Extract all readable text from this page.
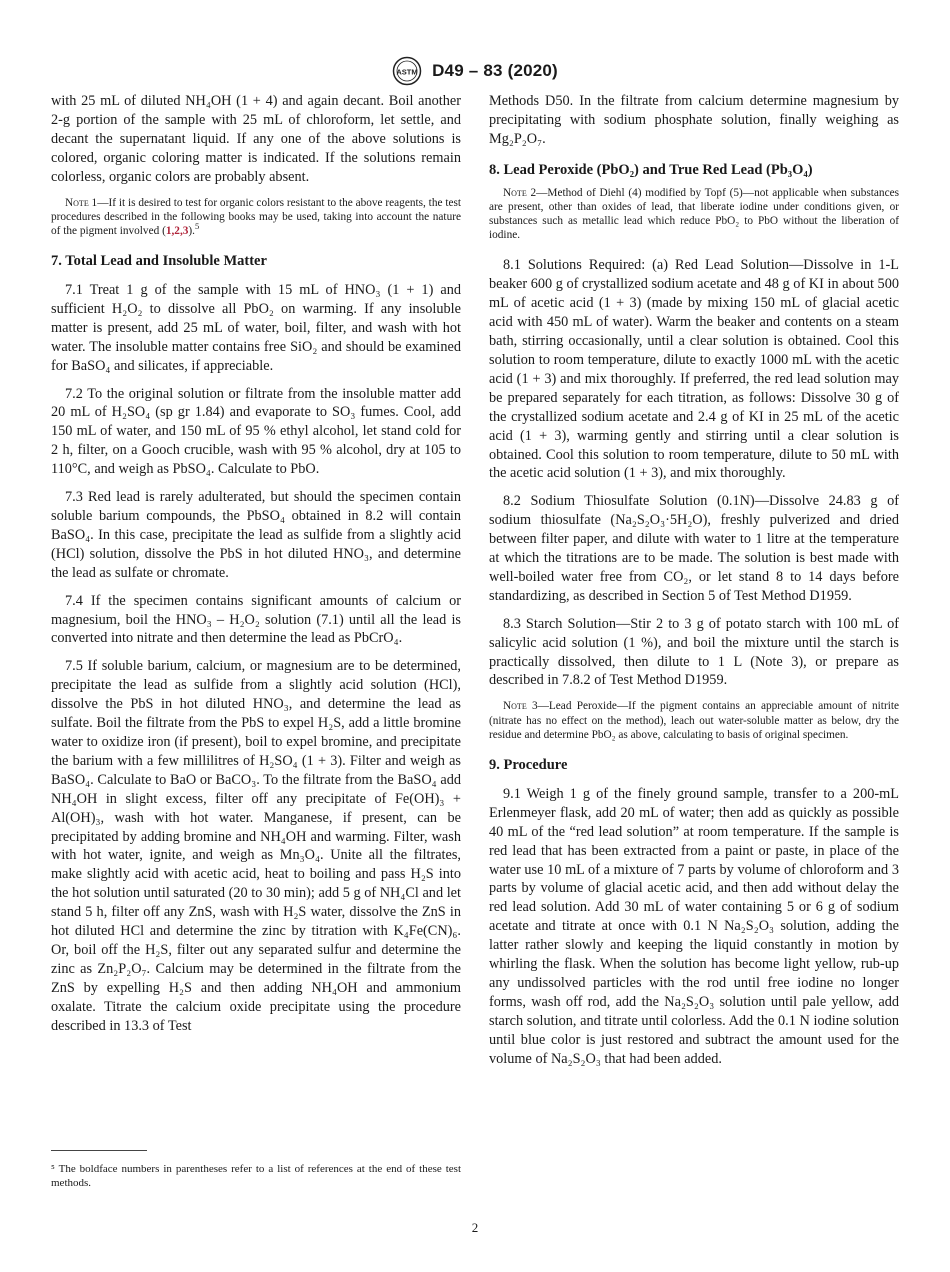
ASTM D49 – 83 (2020)

with 25 mL of diluted NH₄OH (1 + 4) and again decant. Boil another 2-g portion of the sample with 25 mL of chloroform, let settle, and decant the supernatant liquid. If any one of the above solutions is colored, organic coloring matter is indicated. If the solutions remain colorless, organic colors are probably absent.

Note 1—If it is desired to test for organic colors resistant to the above reagents, the test procedures described in the following books may be used, taking into account the nature of the pigment involved (1,2,3).$^5$
7. Total Lead and Insoluble Matter

7.1 Treat 1 g of the sample with 15 mL of HNO₃ (1 + 1) and sufficient H₂O₂ to dissolve all PbO₂ on warming. If any insoluble matter is present, add 25 mL of water, boil, filter, and wash with hot water. The insoluble matter contains free SiO₂ and should be examined for BaSO₄ and silicates, if appreciable.

7.2 To the original solution or filtrate from the insoluble matter add 20 mL of H₂SO₄ (sp gr 1.84) and evaporate to SO₃ fumes. Cool, add 150 mL of water, and 150 mL of 95 % ethyl alcohol, let stand cold for 2 h, filter, on a Gooch crucible, wash with 95 % alcohol, dry at 105 to 110°C, and weigh as PbSO₄. Calculate to PbO.

7.3 Red lead is rarely adulterated, but should the specimen contain soluble barium compounds, the PbSO₄ obtained in 8.2 will contain BaSO₄. In this case, precipitate the lead as sulfide from a slightly acid (HCl) solution, dissolve the PbS in hot diluted HNO₃, and determine the lead as sulfate or chromate.

7.4 If the specimen contains significant amounts of calcium or magnesium, boil the HNO₃ – H₂O₂ solution (7.1) until all the lead is converted into nitrate and then determine the lead as PbCrO₄.

7.5 If soluble barium, calcium, or magnesium are to be determined, precipitate the lead as sulfide from a slightly acid solution (HCl), dissolve the PbS in hot diluted HNO₃, and determine the lead as sulfate. Boil the filtrate from the PbS to expel H₂S, add a little bromine water to oxidize iron (if present), boil to expel bromine, and precipitate the barium with a few millilitres of H₂SO₄ (1 + 3). Filter and weigh as BaSO₄. Calculate to BaO or BaCO₃. To the filtrate from the BaSO₄ add NH₄OH in slight excess, filter off any precipitate of Fe(OH)₃ + Al(OH)₃, wash with hot water. Manganese, if present, can be precipitated by adding bromine and NH₄OH and warming. Filter, wash with hot water, ignite, and weigh as Mn₃O₄. Unite all the filtrates, make slightly acid with acetic acid, heat to boiling and pass H₂S into the hot solution until saturated (20 to 30 min); add 5 g of NH₄Cl and let stand 5 h, filter off any ZnS, wash with H₂S water, dissolve the ZnS in hot diluted HCl and determine the zinc by titration with K₄Fe(CN)₆. Or, boil off the H₂S, filter out any separated sulfur and determine the zinc as Zn₂P₂O₇. Calcium may be determined in the filtrate from the ZnS by expelling H₂S and then adding NH₄OH and ammonium oxalate. Titrate the calcium oxide precipitate using the procedure described in 13.3 of Test

⁵ The boldface numbers in parentheses refer to a list of references at the end of these test methods.

Methods D50. In the filtrate from calcium determine magnesium by precipitating with sodium phosphate solution, finally weighing as Mg₂P₂O₇.

8. Lead Peroxide (PbO₂) and True Red Lead (Pb₃O₄)
Note 2—Method of Diehl (4) modified by Topf (5)—not applicable when substances are present, other than oxides of lead, that liberate iodine under conditions given, or substances such as metallic lead which reduce PbO₂ to PbO without the liberation of iodine.

8.1 Solutions Required: (a) Red Lead Solution—Dissolve in 1-L beaker 600 g of crystallized sodium acetate and 48 g of KI in about 500 mL of acetic acid (1 + 3) (made by mixing 150 mL of glacial acetic acid with 450 mL of water). Warm the beaker and contents on a steam bath, stirring occasionally, until a clear solution is obtained. Cool this solution to room temperature, dilute to exactly 1000 mL with the acetic acid (1 + 3) and mix thoroughly. If preferred, the red lead solution may be prepared separately for each titration, as follows: Dissolve 30 g of the crystallized sodium acetate and 2.4 g of KI in 25 mL of the acetic acid (1 + 3), warming gently and stirring until a clear solution is obtained. Cool this solution to room temperature, dilute to 50 mL with the acetic acid solution (1 + 3), and mix thoroughly.

8.2 Sodium Thiosulfate Solution (0.1N)—Dissolve 24.83 g of sodium thiosulfate (Na₂S₂O₃·5H₂O), freshly pulverized and dried between filter paper, and dilute with water to 1 litre at the temperature at which the titrations are to be made. The solution is best made with well-boiled water free from CO₂, or let stand 8 to 14 days before standardizing, as described in Section 5 of Test Method D1959.

8.3 Starch Solution—Stir 2 to 3 g of potato starch with 100 mL of salicylic acid solution (1 %), and boil the mixture until the starch is practically dissolved, then dilute to 1 L (Note 3), or prepare as described in 7.8.2 of Test Method D1959.

Note 3—Lead Peroxide—If the pigment contains an appreciable amount of nitrite (nitrate has no effect on the method), leach out water-soluble matter as below, dry the residue and determine PbO₂ as above, calculating to basis of original specimen.
9. Procedure

9.1 Weigh 1 g of the finely ground sample, transfer to a 200-mL Erlenmeyer flask, add 20 mL of water; then add as quickly as possible 40 mL of the “red lead solution” at room temperature. If the sample is red lead that has been extracted from a paint or paste, in place of the water use 10 mL of a mixture of 7 parts by volume of chloroform and 3 parts by volume of glacial acetic acid, and then add without delay the red lead solution. Add 30 mL of water containing 5 or 6 g of sodium acetate and titrate at once with 0.1 N Na₂S₂O₃ solution, adding the latter rather slowly and keeping the liquid constantly in motion by whirling the flask. When the solution has become light yellow, rub-up any undissolved particles with the rod until free iodine no longer forms, wash off rod, add the Na₂S₂O₃ solution until pale yellow, add starch solution, and titrate until colorless. Add the 0.1 N iodine solution until blue color is just restored and subtract the amount used for the volume of Na₂S₂O₃ that had been added.

2
